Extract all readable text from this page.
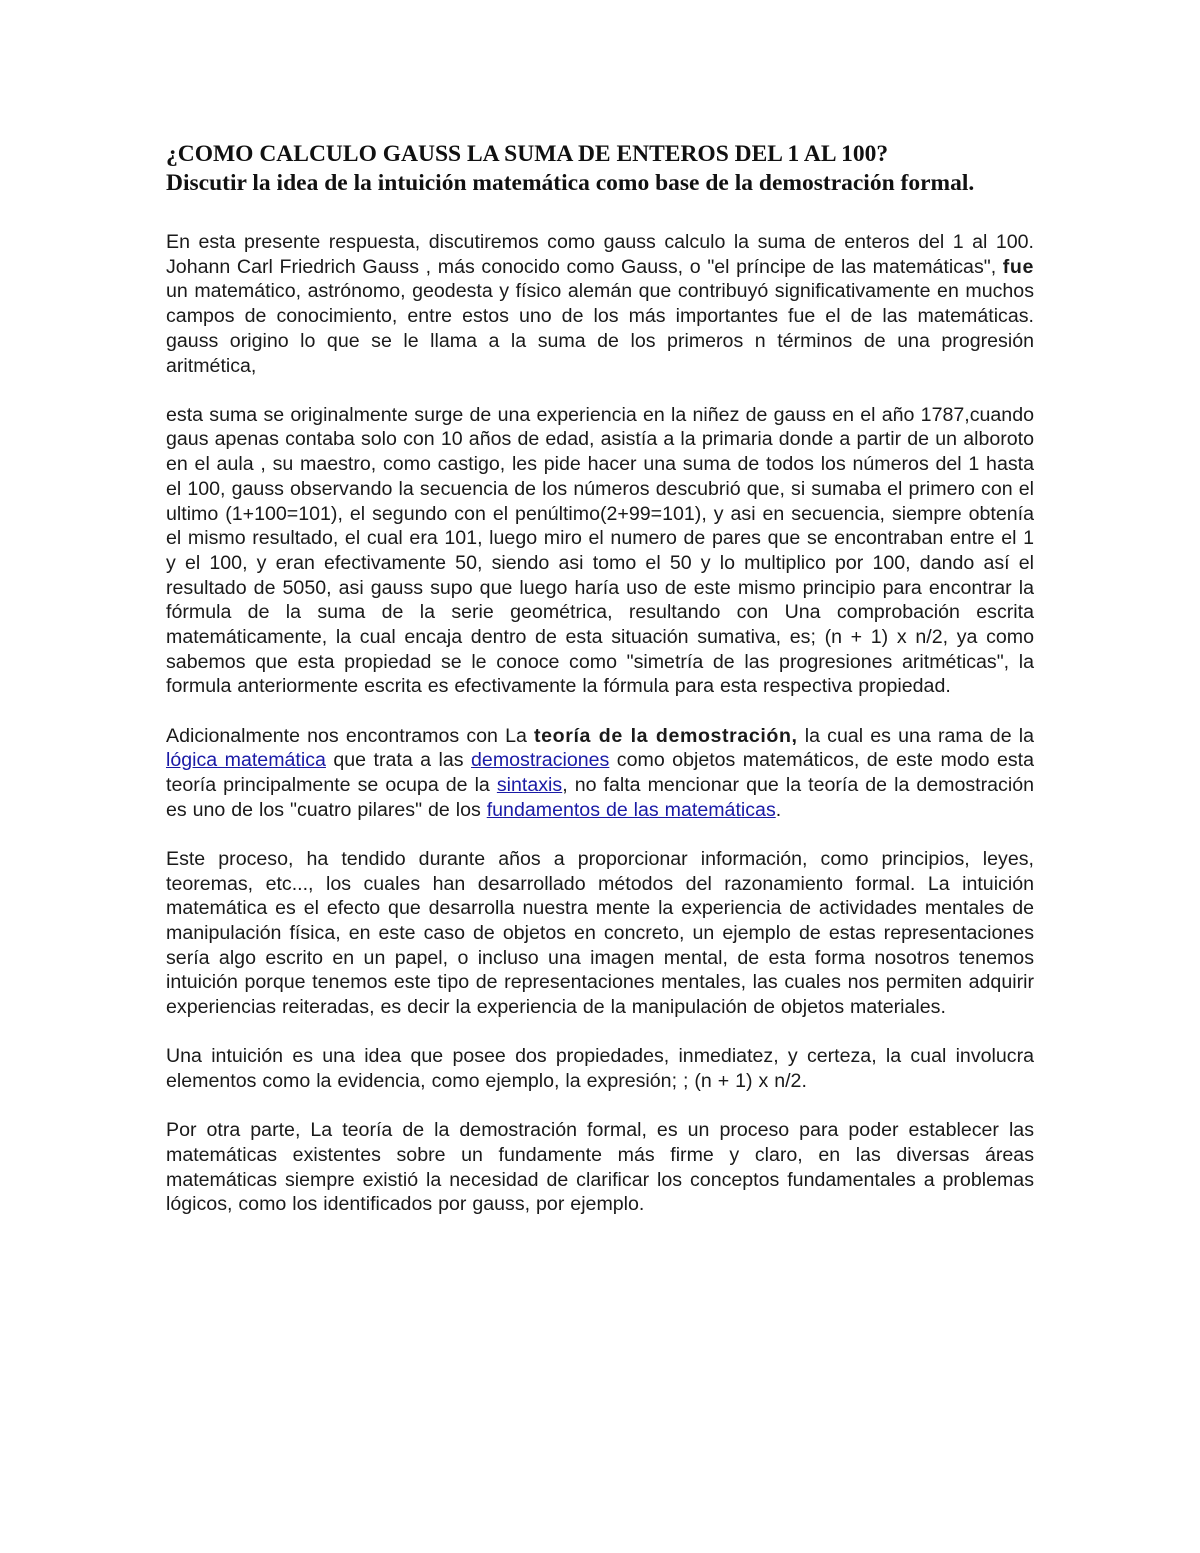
¿COMO CALCULO GAUSS LA SUMA DE ENTEROS DEL 1 AL 100?
Discutir la idea de la intuición matemática como base de la demostración formal.

En esta presente respuesta, discutiremos como gauss calculo la suma de enteros del 1 al 100. Johann Carl Friedrich Gauss , más conocido como Gauss, o "el príncipe de las matemáticas", fue un matemático, astrónomo, geodesta y físico alemán que contribuyó significativamente en muchos campos de conocimiento, entre estos uno de los más importantes fue el de las matemáticas. gauss origino lo que se le llama a la suma de los primeros n términos de una progresión aritmética,

esta suma se originalmente surge de una experiencia en la niñez de gauss en el año 1787,cuando gaus apenas contaba solo con 10 años de edad, asistía a la primaria donde a partir de un alboroto en el aula , su maestro, como castigo, les pide hacer una suma de todos los números del 1 hasta el 100, gauss observando la secuencia de los números descubrió que, si sumaba el primero con el ultimo (1+100=101), el segundo con el penúltimo(2+99=101), y asi en secuencia, siempre obtenía el mismo resultado, el cual era 101, luego miro el numero de pares que se encontraban entre el 1 y el 100, y eran efectivamente 50, siendo asi tomo el 50 y lo multiplico por 100, dando así el resultado de 5050, asi gauss supo que luego haría uso de este mismo principio para encontrar la fórmula de la suma de la serie geométrica, resultando con Una comprobación escrita matemáticamente, la cual encaja dentro de esta situación sumativa, es; (n + 1) x n/2, ya como sabemos que esta propiedad se le conoce como "simetría de las progresiones aritméticas", la formula anteriormente escrita es efectivamente la fórmula para esta respectiva propiedad.

Adicionalmente nos encontramos con La teoría de la demostración, la cual es una rama de la lógica matemática que trata a las demostraciones como objetos matemáticos, de este modo esta teoría principalmente se ocupa de la sintaxis, no falta mencionar que la teoría de la demostración es uno de los "cuatro pilares" de los fundamentos de las matemáticas.

Este proceso, ha tendido durante años a proporcionar información, como principios, leyes, teoremas, etc..., los cuales han desarrollado métodos del razonamiento formal. La intuición matemática es el efecto que desarrolla nuestra mente la experiencia de actividades mentales de manipulación física, en este caso de objetos en concreto, un ejemplo de estas representaciones sería algo escrito en un papel, o incluso una imagen mental, de esta forma nosotros tenemos intuición porque tenemos este tipo de representaciones mentales, las cuales nos permiten adquirir experiencias reiteradas, es decir la experiencia de la manipulación de objetos materiales.

Una intuición es una idea que posee dos propiedades, inmediatez, y certeza, la cual involucra elementos como la evidencia, como ejemplo, la expresión; ; (n + 1) x n/2.

Por otra parte, La teoría de la demostración formal, es un proceso para poder establecer las matemáticas existentes sobre un fundamente más firme y claro, en las diversas áreas matemáticas siempre existió la necesidad de clarificar los conceptos fundamentales a problemas lógicos, como los identificados por gauss, por ejemplo.
